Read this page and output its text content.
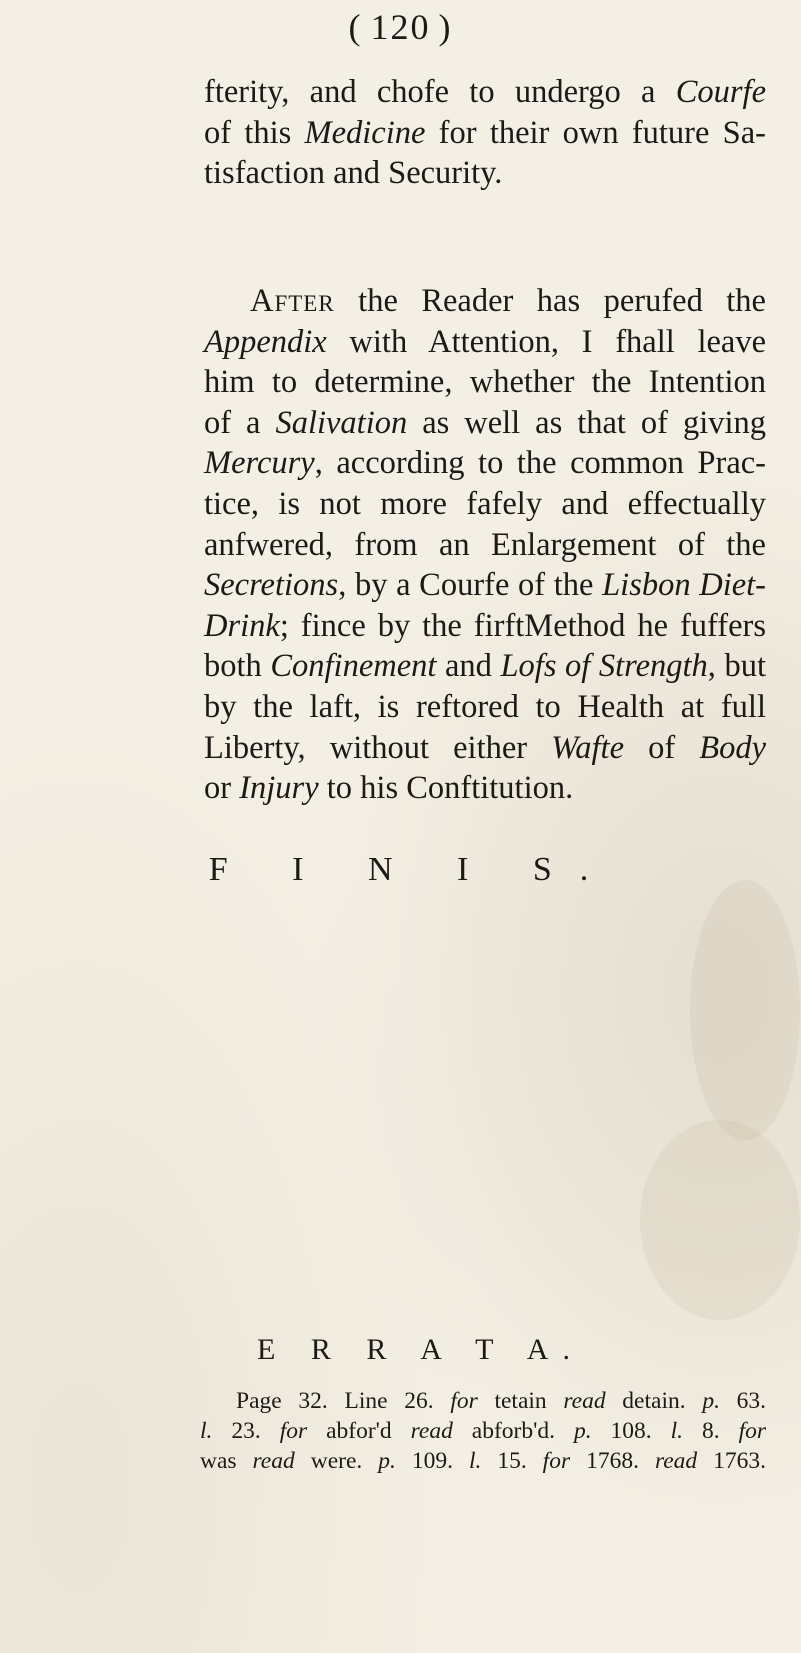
( 120 )
fterity, and chofe to undergo a Courfe
of this Medicine for their own future Sa-
tisfaction and Security.
After the Reader has perufed the
Appendix with Attention, I fhall leave
him to determine, whether the Intention
of a Salivation as well as that of giving
Mercury, according to the common Prac-
tice, is not more fafely and effectually
anfwered, from an Enlargement of the
Secretions, by a Courfe of the Lisbon Diet-
Drink; fince by the firftMethod he fuffers
both Confinement and Lofs of Strength, but
by the laft, is reftored to Health at full
Liberty, without either Wafte of Body
or Injury to his Conftitution.
F I N I S.
E R R A T A.
Page 32. Line 26. for tetain read detain. p. 63.
l. 23. for abfor'd read abforb'd. p. 108. l. 8. for
was read were. p. 109. l. 15. for 1768. read 1763.
